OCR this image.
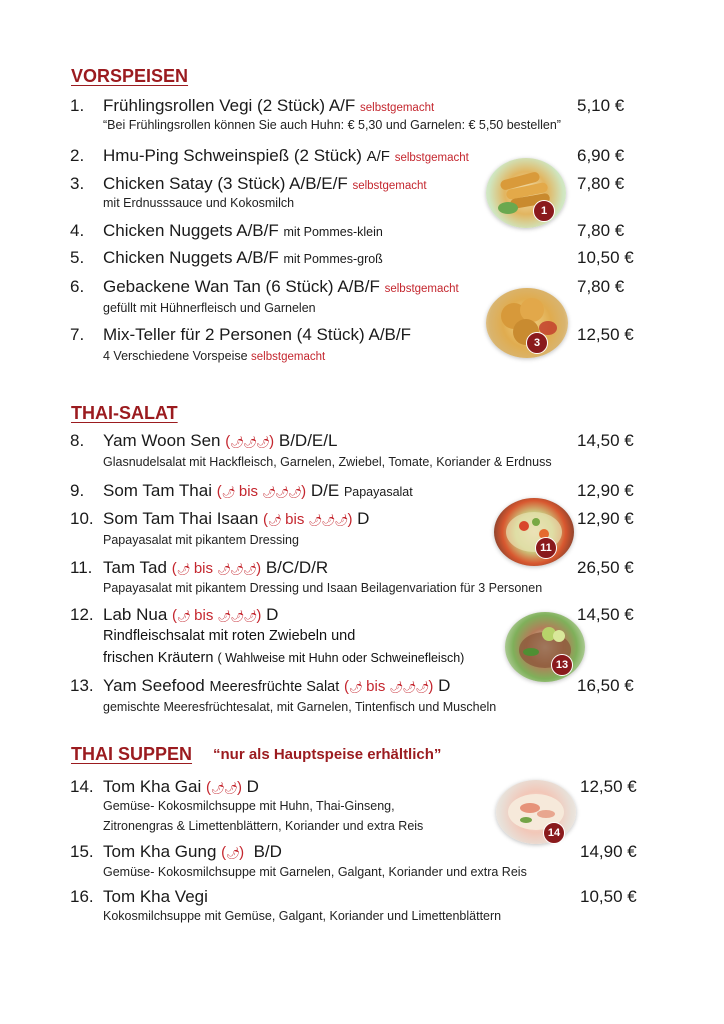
VORSPEISEN
1. Frühlingsrollen Vegi (2 Stück) A/F selbstgemacht	5,10 €
“Bei Frühlingsrollen können Sie auch Huhn: € 5,30 und Garnelen: € 5,50 bestellen”
2. Hmu-Ping Schweinspieß (2 Stück) A/F selbstgemacht	6,90 €
3. Chicken Satay (3 Stück) A/B/E/F selbstgemacht	7,80 €
mit Erdnusssauce und Kokosmilch
4. Chicken Nuggets A/B/F mit Pommes-klein	7,80 €
5. Chicken Nuggets A/B/F mit Pommes-groß	10,50 €
6. Gebackene Wan Tan (6 Stück) A/B/F selbstgemacht	7,80 €
gefüllt mit Hühnerfleisch und Garnelen
7. Mix-Teller für 2 Personen (4 Stück) A/B/F	12,50 €
4 Verschiedene Vorspeise selbstgemacht
THAI-SALAT
8. Yam Woon Sen (🌶🌶🌶) B/D/E/L	14,50 €
Glasnudelsalat mit Hackfleisch, Garnelen, Zwiebel, Tomate, Koriander & Erdnuss
9. Som Tam Thai (🌶 bis 🌶🌶🌶) D/E Papayasalat	12,90 €
10. Som Tam Thai Isaan (🌶 bis 🌶🌶🌶) D	12,90 €
Papayasalat mit pikantem Dressing
11. Tam Tad (🌶 bis 🌶🌶🌶) B/C/D/R	26,50 €
Papayasalat mit pikantem Dressing und Isaan Beilagenvariation für 3 Personen
12. Lab Nua (🌶 bis 🌶🌶🌶) D	14,50 €
Rindfleischsalat mit roten Zwiebeln und
frischen Kräutern ( Wahlweise mit Huhn oder Schweinefleisch)
13. Yam Seefood Meeresfrüchte Salat (🌶 bis 🌶🌶🌶) D	16,50 €
gemischte Meeresfrüchtesalat, mit Garnelen, Tintenfisch und Muscheln
THAI SUPPEN “nur als Hauptspeise erhältlich”
14. Tom Kha Gai (🌶🌶) D	12,50 €
Gemüse- Kokosmilchsuppe mit Huhn, Thai-Ginseng,
Zitronengras & Limettenblättern, Koriander und extra Reis
15. Tom Kha Gung (🌶) B/D	14,90 €
Gemüse- Kokosmilchsuppe mit Garnelen, Galgant, Koriander und extra Reis
16. Tom Kha Vegi	10,50 €
Kokosmilchsuppe mit Gemüse, Galgant, Koriander und Limettenblättern
1
3
11
13
14
